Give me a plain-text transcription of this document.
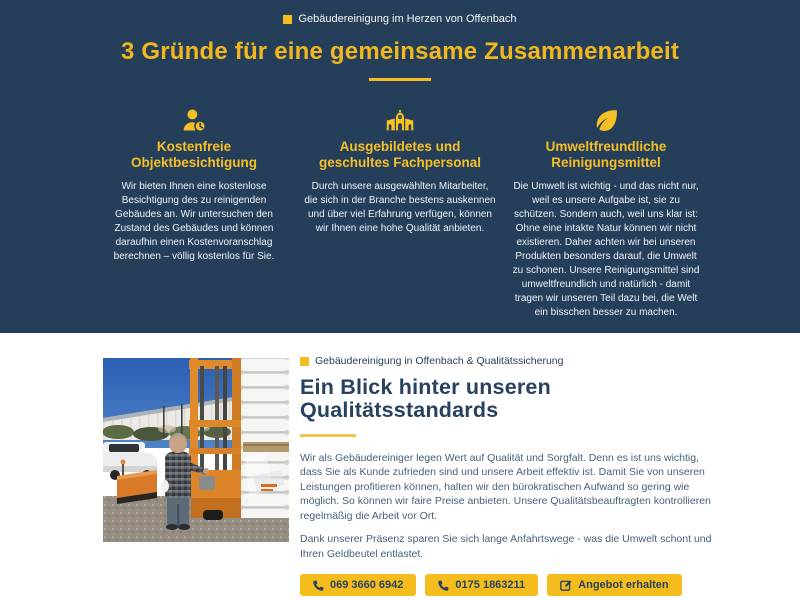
Gebäudereinigung im Herzen von Offenbach
3 Gründe für eine gemeinsame Zusammenarbeit
Kostenfreie Objektbesichtigung

Wir bieten Ihnen eine kostenlose Besichtigung des zu reinigenden Gebäudes an. Wir untersuchen den Zustand des Gebäudes und können daraufhin einen Kostenvoranschlag berechnen – völlig kostenlos für Sie.

Ausgebildetes und geschultes Fachpersonal

Durch unsere ausgewählten Mitarbeiter, die sich in der Branche bestens auskennen und über viel Erfahrung verfügen, können wir Ihnen eine hohe Qualität anbieten.

Umweltfreundliche Reinigungsmittel

Die Umwelt ist wichtig - und das nicht nur, weil es unsere Aufgabe ist, sie zu schützen. Sondern auch, weil uns klar ist: Ohne eine intakte Natur können wir nicht existieren. Daher achten wir bei unseren Produkten besonders darauf, die Umwelt zu schonen. Unsere Reinigungsmittel sind umweltfreundlich und natürlich - damit tragen wir unseren Teil dazu bei, die Welt ein bisschen besser zu machen.

Gebäudereinigung in Offenbach & Qualitätssicherung
Ein Blick hinter unseren Qualitätsstandards

Wir als Gebäudereiniger legen Wert auf Qualität und Sorgfalt. Denn es ist uns wichtig, dass Sie als Kunde zufrieden sind und unsere Arbeit effektiv ist. Damit Sie von unseren Leistungen profitieren können, halten wir den bürokratischen Aufwand so gering wie möglich. So können wir faire Preise anbieten. Unsere Qualitätsbeauftragten kontrollieren regelmäßig die Arbeit vor Ort.

Dank unserer Präsenz sparen Sie sich lange Anfahrtswege - was die Umwelt schont und Ihren Geldbeutel entlastet.

069 3660 6942	0175 1863211	Angebot erhalten
